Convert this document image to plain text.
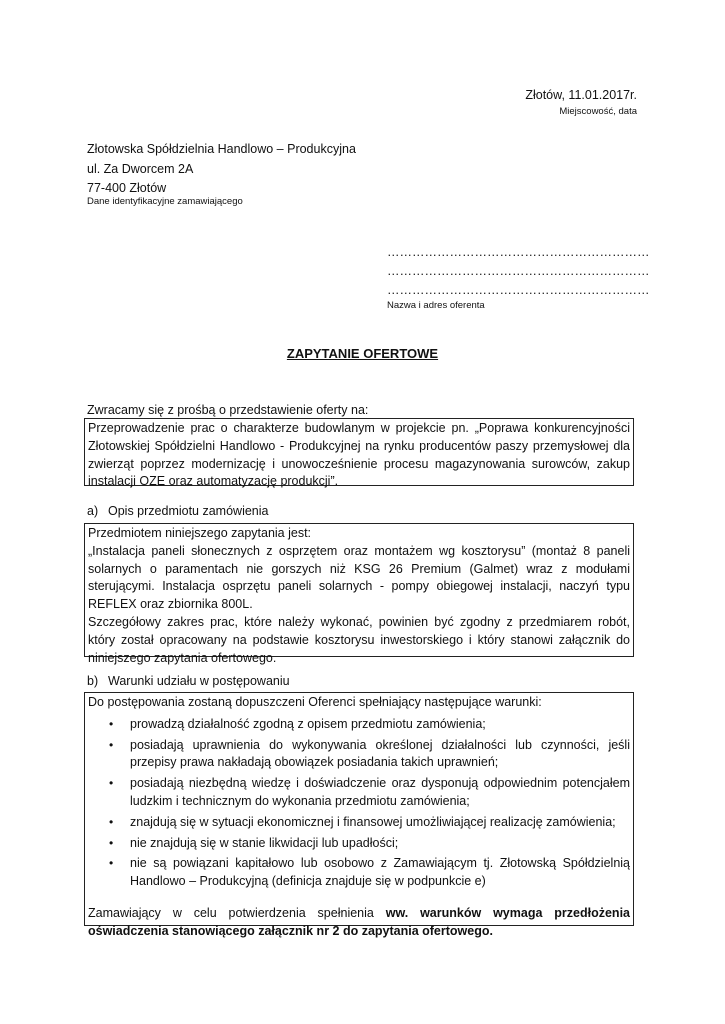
Złotów, 11.01.2017r.
Miejscowość, data
Złotowska Spółdzielnia Handlowo – Produkcyjna
ul. Za Dworcem 2A
77-400 Złotów
Dane identyfikacyjne zamawiającego
………………………………………………………
………………………………………………………
………………………………………………………
Nazwa i adres oferenta
ZAPYTANIE OFERTOWE
Zwracamy się z prośbą o przedstawienie oferty na:

Przeprowadzenie prac o charakterze budowlanym w projekcie pn. „Poprawa konkurencyjności Złotowskiej Spółdzielni Handlowo - Produkcyjnej na rynku producentów paszy przemysłowej dla zwierząt poprzez modernizację i unowocześnienie procesu magazynowania surowców, zakup instalacji OZE oraz automatyzację produkcji”.

a) Opis przedmiotu zamówienia

Przedmiotem niniejszego zapytania jest:

„Instalacja paneli słonecznych z osprzętem oraz montażem wg kosztorysu” (montaż 8 paneli solarnych o paramentach nie gorszych niż KSG 26 Premium (Galmet) wraz z modułami sterującymi. Instalacja osprzętu paneli solarnych - pompy obiegowej instalacji, naczyń typu REFLEX oraz zbiornika 800L.

Szczegółowy zakres prac, które należy wykonać, powinien być zgodny z przedmiarem robót, który został opracowany na podstawie kosztorysu inwestorskiego i który stanowi załącznik do niniejszego zapytania ofertowego.

b) Warunki udziału w postępowaniu

Do postępowania zostaną dopuszczeni Oferenci spełniający następujące warunki:

• prowadzą działalność zgodną z opisem przedmiotu zamówienia;
• posiadają uprawnienia do wykonywania określonej działalności lub czynności, jeśli przepisy prawa nakładają obowiązek posiadania takich uprawnień;
• posiadają niezbędną wiedzę i doświadczenie oraz dysponują odpowiednim potencjałem ludzkim i technicznym do wykonania przedmiotu zamówienia;
• znajdują się w sytuacji ekonomicznej i finansowej umożliwiającej realizację zamówienia;
• nie znajdują się w stanie likwidacji lub upadłości;
• nie są powiązani kapitałowo lub osobowo z Zamawiającym tj. Złotowską Spółdzielnią Handlowo – Produkcyjną (definicja znajduje się w podpunkcie e)

Zamawiający w celu potwierdzenia spełnienia ww. warunków wymaga przedłożenia oświadczenia stanowiącego załącznik nr 2 do zapytania ofertowego.
